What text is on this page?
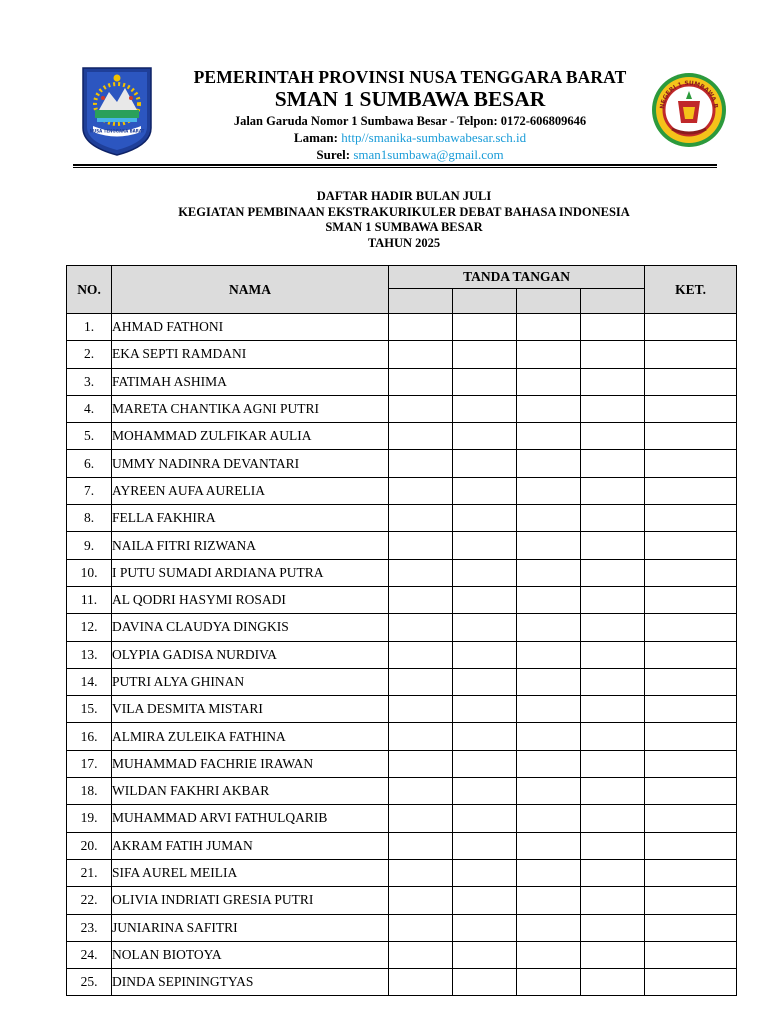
NUSA TENGGARA BARAT
PEMERINTAH PROVINSI NUSA TENGGARA BARAT
SMAN 1 SUMBAWA BESAR
Jalan Garuda Nomor 1 Sumbawa Besar - Telpon: 0172-606809646
Laman: http//smanika-sumbawabesar.sch.id
Surel: sman1sumbawa@gmail.com
NEGERI 1 SUMBAWA B
DAFTAR HADIR BULAN JULI
KEGIATAN PEMBINAAN EKSTRAKURIKULER DEBAT BAHASA INDONESIA
SMAN 1 SUMBAWA BESAR
TAHUN 2025
NO.	NAMA	TANDA TANGAN				KET.

1.	AHMAD FATHONI					
2.	EKA SEPTI RAMDANI					
3.	FATIMAH ASHIMA					
4.	MARETA CHANTIKA AGNI PUTRI					
5.	MOHAMMAD ZULFIKAR AULIA					
6.	UMMY NADINRA DEVANTARI					
7.	AYREEN AUFA AURELIA					
8.	FELLA FAKHIRA					
9.	NAILA FITRI RIZWANA					
10.	I PUTU SUMADI ARDIANA PUTRA					
11.	AL QODRI HASYMI ROSADI					
12.	DAVINA CLAUDYA DINGKIS					
13.	OLYPIA GADISA NURDIVA					
14.	PUTRI ALYA GHINAN					
15.	VILA DESMITA MISTARI					
16.	ALMIRA ZULEIKA FATHINA					
17.	MUHAMMAD FACHRIE IRAWAN					
18.	WILDAN FAKHRI AKBAR					
19.	MUHAMMAD ARVI FATHULQARIB					
20.	AKRAM FATIH JUMAN					
21.	SIFA AUREL MEILIA					
22.	OLIVIA INDRIATI GRESIA PUTRI					
23.	JUNIARINA SAFITRI					
24.	NOLAN BIOTOYA					
25.	DINDA SEPININGTYAS					
